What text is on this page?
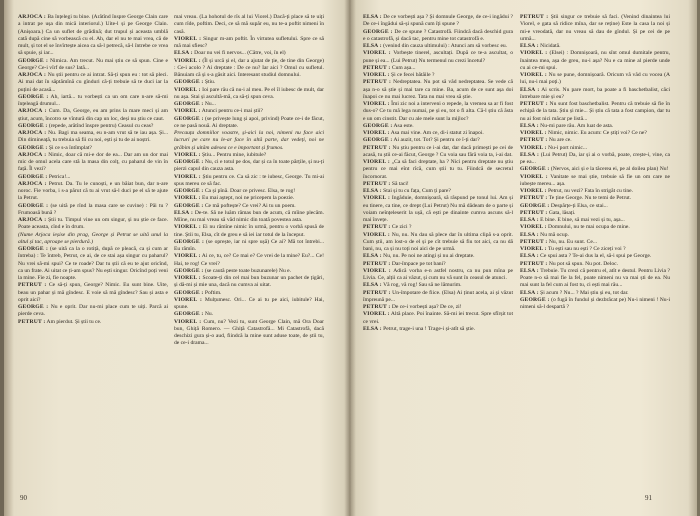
ARJOCA : Ba înțelegi tu bine. (Arătînd înspre George Clain care a intrat pe ușa din mică interiorul.) Uite-l și pe George Clain. (Anișoara.) Ca un suflet de grădină; dut trupul și aceasta umblă cată după cine să vorbească cu el. Ah, dar el nu te mai vrea, că de mult, și tot el se învîrtește aicea ca să-l petrecă, să-l întrebe ce vrea să spuie, și iar...

GEORGE : Nimica. Am trecut. Nu mai știu ce să spun. Cine e George? Ce-i vîrf de sus? Iată...

ARJOCA : Nu știi pentru ce ai intrat. Să-ți spun eu : tot să pleci. Ai mai dat în săptămînă cu gînduri că-ți trebuie să te duci iar la puțini de acasă...

GEORGE : Ah, iartă... tu vorbești ca un om care n-are să-mi înțeleagă drumul...

ARJOCA : Cum. Da, George, eu am prins la mare meci și am știut, acum, încotro se vîntură din cap un loc, deși nu știu ce caut.

GEORGE : (repede, arătînd înspre pentru) Ceasul cu ceas?

ARJOCA : Nu. Bagi ma seama, eu n-am vrut să te iau așa. Și... Din dimineață, tu trebuia să fii cu noi, ești și tu de ai noștri.

GEORGE : Și ce s-a întîmplat?

ARJOCA : Nimic, doar că mi-e dor de ea... Dar am un dor mai mic de omul acela care stă la masa din colț, cu paharul de vin în față. Îl vezi?

GEORGE : Petrica!...

ARJOCA : Petrut. Da. Tu le cunoști, e un băiat bun, dar n-are noroc. Fie vorba, i s-a părut că tu ai vrut să-l duci pe el să te ajute la Petrut.

GEORGE : (se uită pe rînd la masa care se cuvine) : Păi tu ? Frumoasă bună ?

ARJOCA : Știi tu. Timpul vine un om singur, și nu știe ce face. Poate aceasta, cînd e în drum.

(Nume Arjoca ieșise din prag, George și Petrut se uită unul la altul și tac, aproape se pierdură.)

GEORGE : (se uită ca la o rotiță, după ce pleacă, ca și cum ar întreba) : Te întreb, Petrut, ce ai, de ce stai așa singur cu paharul? Nu vrei să-mi spui? Ce te roade? Dar tu știi că eu te ajut oricînd, ca un frate. Ai uitat ce ți-am spus? Nu ești singur. Oricînd poți veni la mine. Fie zi, fie noapte.

PETRUT : Ce să-ți spun, George? Nimic. Eu sunt bine. Uite, beau un pahar și mă gîndesc. E voie să mă gîndesc? Sau și asta e oprit aici?

GEORGE : Nu e oprit. Dar nu-mi place cum te uiți. Parcă ai pierde ceva.

PETRUT : Am pierdut. Și știi tu ce.

mai vreau. (La hohotul de rîs al lui Viorel.) Dacă-ți place să te uiți cum rîde, poftim. Deci, ce să mă supăr eu, nu te-a poftit nimeni în casă.

VIOREL : Singur m-am poftit. În virtutea sufletului. Spre ce să mă mai sfiesc?

ELSA : Doar nu vei fi nervos... (Către, voi, în el)

VIOREL : (Îl și urcă și el, dar a ajutat de ție, de tine din George) : Ce-i acolo ? Ai dreptate : De ce nu? Iar aici ? Omul cu sufletul. Bănuiam că și s-a găsit aici. Interesant studiul domnului.

GEORGE : Știu.

VIOREL : Ioi pare rău că nu-i al meu. Pe el îl iubesc de mult, dar nu așa. Stai și ascultă-mă, ca să-ți spun ceva.

GEORGE : Nu...

VIOREL : Atunci pentru ce-i mai știi?

GEORGE : (se privește lung și apoi, privind) Poate ce-i de făcut, ce ne pasă nouă. Ai dreptate.

Precauța domniilor voastre, și-aici la noi, nimeni nu face aici lucruri pe care nu le-ar face în altă parte, dar vedeți, noi ne grăbim și uităm adesea ce e important și frumos.

VIOREL : Știu... Pentru mine, iubitule?

GEORGE : Nu, ci e totul pe dos, dar și ca în toate părțile, și nu-ți pierzi capul din cauza asta.

VIOREL : Știu pentru ce. Ca să zic : te iubesc, George. Tu mi-ai spus mereu ce să fac.

GEORGE : Ca și pînă. Doar ce privesc. Elsa, te rog!

VIOREL : Eu mai aștept, noi ne pricepem la poezie.

GEORGE : Ce mă poftește? Ce vrei? Ai tu un poem.

ELSA : De-te. Să ne luăm rămas bun de acum, că mîine plecăm. Mîine, nu mai vreau să văd nimic din toată povestea asta.

VIOREL : Ei nu rămîne nimic în urmă, pentru o vorbă spusă de tine. Știi tu, Elsa, cît de greu e să iei iar totul de la început.

GEORGE : (se oprește, iar ni spre ușă) Ce ai? Mă tot întrebi... Eu rămîn.

VIOREL : Ai ce, tu, ce? Ce mai e? Ce vrei de la mine? Eu?... Ce! Hai, te rog! Ce vrei?

GEORGE : (se caută peste toate buzunarele) Nu e.

VIOREL : Scoate-ți din cel mai bun buzunar un pachet de țigări, și dă-mi și mie una, dacă nu cumva ai uitat.

GEORGE : Poftim.

VIOREL : Mulțumesc. Ori... Ce ai tu pe aici, iubitule? Hai, spune.

GEORGE : Nu.

VIOREL : Cum, nu? Vezi tu, sunt George Clain, mă Ora Doar bun, Ghiță Romero. — Ghiță Catastrofă... Mi Catastrofă, dacă deschizi gura și-o aud, fiindcă la mine sunt aduse toate, de știi tu, de ce-i drama...

ELSA : De ce vorbești așa ? Și domnule George, de ce-i ingădui ? De ce-i îngădui să-și spună cum îți spune ?

GEORGE : De ce spune ? Catastrofă. Fiindcă dacă deschid gura e o catastrofă, și dacă tac, pentru mine tot catastrofă e.

ELSA : (venind din cauza ultimului) : Atunci am să vorbesc eu.

VIOREL : Vorbește tinerel, ascultați. După ce te-a ascultat, o pune și ea... (Lui Petrut) Nu termenul nu crezi încetul?

PETRUT : Cum așa...

VIOREL : Și ce fecei bătăile ?

PETRUT : Nedreptatea. Nu pot să văd nedreptatea. Se vede că așa n-o să știe și mai tare ca mine. Ba, acum de ce sunt așa doi înapoi ce nu mai lucrez. Tata nu mai vrea să știe.

VIOREL : Îmi zic noi a interveni o repede, la vremea sa ar fi fost dus-o? Ce tu mă lega numai, pe și eu, tot o fi alta. Că-l știu că ăsta e un om cinstit. Dar cu ale mele sunt la mijloc?

GEORGE : Asa este.

VIOREL : Asa mai vine. Am ce, di-i statut zi înapoi.

GEORGE : Ai auzit, tot. Tot? Și pentru ce î-ți dar?

PETRUT : Nu știu pentru ce i-ai dat, dar dacă primești pe cei de acasă, tu știi ce-ai făcut, George ? Cu voia sau fără voia ta, i-ai dat.

VIOREL : „Ca să faci dreptate, ha ? Nici pentru dreptate nu știu pentru ce mai eînt rîcă, cum știi tu tu. Fiindcă de secretul încornorat.

PETRUT : Să taci!

ELSA : Stai și tu cu fața, Cum ți pare?

VIOREL : Ingăduie, domnișoară, să răspund pe tonul lui. Am și eu tinere, ca tine, ce drept (Lui Petrut) Nu mă dădeam de o parte și voiam neînțeleserit la ușă, că ești pe dinainte cumva ascuns să-l mai învețe.

PETRUT : Ce zici ?

VIOREL : Nu, nu. Nu dau să plece dar în ultima clipă s-a oprit. Cum știi, am lost-o de el și pe cît trebuie să fiu tot aici, ca nu dă bani, nu, ca și nu toți noi aici de pe urmă.

ELSA : Nu, nu. Pe noi ne atingi și nu ai dreptate.

PETRUT : Dar-împace pe tot bani?

VIOREL : Adică vorba e-n astfel nostru, ca nu pun mîna pe Livia. Ce, alții ca ai văzut, și cum nu vă sunt în ceasul de atunci.

ELSA : Vă rog, vă rog! Sau să ne lămurim.

PETRUT : Un-împotare de fiice. (Elsa) Ai ținut acela, ai și văzut împreună pe...

PETRUT : De ce-i vorbești așa? De ce, zi!

VIOREL : Altă place. Poi înainte. Să-mi iei trecut. Spre sfîrșit tot ce vrei.

ELSA : Petrut, trage-i una ! Trage-i și-atît să știe.

PETRUT : Știi singur ce trebuie să faci. (Venind dinaintea lui Viorel, e gata să ridice mîna, dar se reține) Este la casa la noi și mi-e vreodată, dar nu vreau să dau de gîndul. Și pe cei de pe urmă...

ELSA : Nicidată.

VIOREL : (Elsei) : Domnișoară, nu sînt omul dumitale pentru, înaintea mea, așa de greu, nu-i așa? Nu e ca mine al pierde unde cu ai ce-mi spui.

VIOREL : Nu se pune, domnișoară. Oricum vă văd cu vocea (A lui, nu-i mai poți.)

ELSA : Ai scris. Nu pare mort, ba poate a fi baschetbalist, căci întrebare mie și eu?

PETRUT : Nu sunt fost baschetbalist. Pentru că trebuie să fie în echipă de la tata. Știu și mie... Și știu că tata a fost campion, dar tu nu ai fost nici măcar pe listă...

ELSA : Nu-mi pare rău. Am luat de asta.

VIOREL : Nimic, nimic. Eu acum: Ce știți voi? Ce ne?

PETRUT : Nu are ce.

VIOREL : Nu-i port nimic...

ELSA : (Lui Petrut) Da, iar și ai o vorbă, poate, crește-i, vine, ca pe ea...

GEORGE : (Nervos, aici și e la tăcerea ei, pe al doilea plan) Nu!

VIOREL : Vanitate se mai știe, trebuie să fie un om care ne iubește mereu... așa.

VIOREL : Petrut, nu vezi? Fata în strigăt cu tine.

PETRUT : Te ține George. Nu te temi de Petrut.

GEORGE : Despărțe-ți Elsa, ce stai...

PETRUT : Gata, lăsați.

ELSA : E bine. E bine, să mai vezi și tu, așa...

VIOREL : Domnului, nu te mai ocupa de mine.

ELSA : Nu mă ocup.

PETRUT : Nu, nu. Eu sunt. Ce...

VIOREL : Tu ești sau nu ești ? Ce ziceți voi ?

ELSA : Ce spui asta ? Te-ai dus la el, să-i spui pe George.

PETRUT : Nu pot să spun. Nu pot. Deloc.

ELSA : Trebuie. Tu crezi că pentru el, atît e destul. Pentru Livia ? Poate n-o să mai fie la fel, poate nimeni nu va mai ști de ea. Nu mai sunt la fel cum ai fost tu, ci ești mai rău...

ELSA : Și acum ? Nu... ? Mai știu și eu, tot dar.

GEORGE : (o fugă în fundul și dezbrăcat pe) Nu-i nimeni ! Nu-i nimeni să-l despartă ?

90	91
